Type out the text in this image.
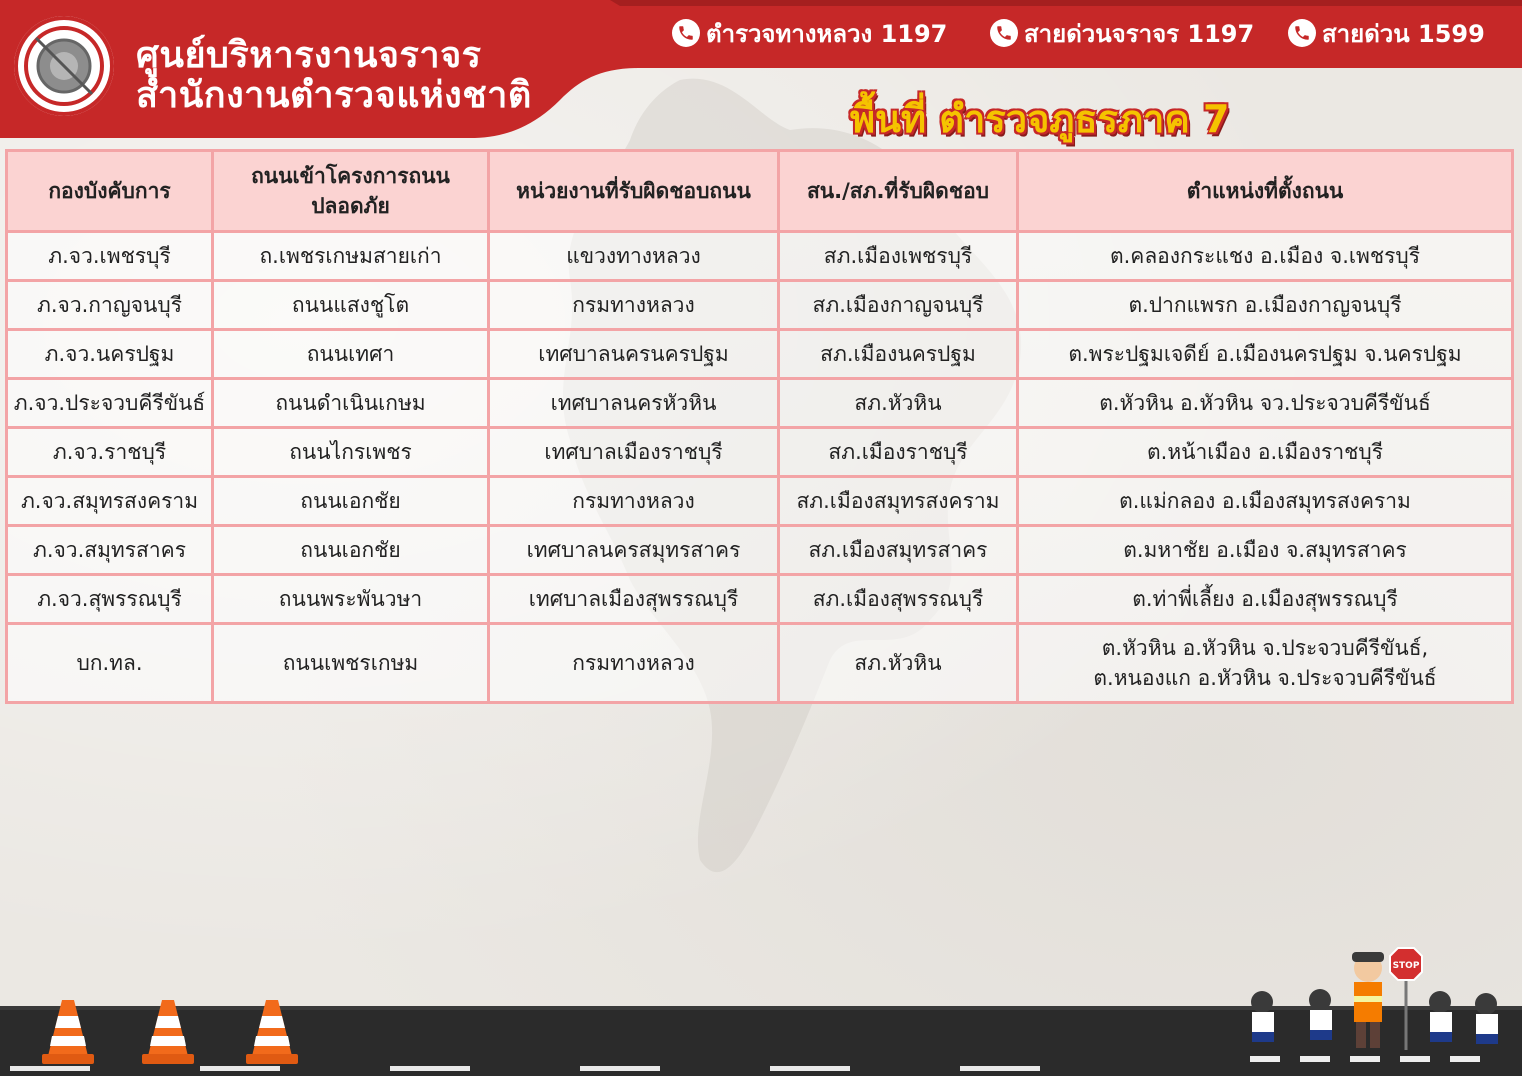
ศูนย์บริหารงานจราจร
สำนักงานตำรวจแห่งชาติ
ตำรวจทางหลวง 1197	สายด่วนจราจร 1197	สายด่วน 1599
พื้นที่ ตำรวจภูธรภาค 7
กองบังคับการ	ถนนเข้าโครงการถนน ปลอดภัย	หน่วยงานที่รับผิดชอบถนน	สน./สภ.ที่รับผิดชอบ	ตำแหน่งที่ตั้งถนน
ภ.จว.เพชรบุรี	ถ.เพชรเกษมสายเก่า	แขวงทางหลวง	สภ.เมืองเพชรบุรี	ต.คลองกระแชง อ.เมือง จ.เพชรบุรี
ภ.จว.กาญจนบุรี	ถนนแสงชูโต	กรมทางหลวง	สภ.เมืองกาญจนบุรี	ต.ปากแพรก อ.เมืองกาญจนบุรี
ภ.จว.นครปฐม	ถนนเทศา	เทศบาลนครนครปฐม	สภ.เมืองนครปฐม	ต.พระปฐมเจดีย์ อ.เมืองนครปฐม จ.นครปฐม
ภ.จว.ประจวบคีรีขันธ์	ถนนดำเนินเกษม	เทศบาลนครหัวหิน	สภ.หัวหิน	ต.หัวหิน อ.หัวหิน จว.ประจวบคีรีขันธ์
ภ.จว.ราชบุรี	ถนนไกรเพชร	เทศบาลเมืองราชบุรี	สภ.เมืองราชบุรี	ต.หน้าเมือง อ.เมืองราชบุรี
ภ.จว.สมุทรสงคราม	ถนนเอกชัย	กรมทางหลวง	สภ.เมืองสมุทรสงคราม	ต.แม่กลอง อ.เมืองสมุทรสงคราม
ภ.จว.สมุทรสาคร	ถนนเอกชัย	เทศบาลนครสมุทรสาคร	สภ.เมืองสมุทรสาคร	ต.มหาชัย อ.เมือง จ.สมุทรสาคร
ภ.จว.สุพรรณบุรี	ถนนพระพันวษา	เทศบาลเมืองสุพรรณบุรี	สภ.เมืองสุพรรณบุรี	ต.ท่าพี่เลี้ยง อ.เมืองสุพรรณบุรี
บก.ทล.	ถนนเพชรเกษม	กรมทางหลวง	สภ.หัวหิน	ต.หัวหิน อ.หัวหิน จ.ประจวบคีรีขันธ์,
ต.หนองแก อ.หัวหิน จ.ประจวบคีรีขันธ์
STOP
